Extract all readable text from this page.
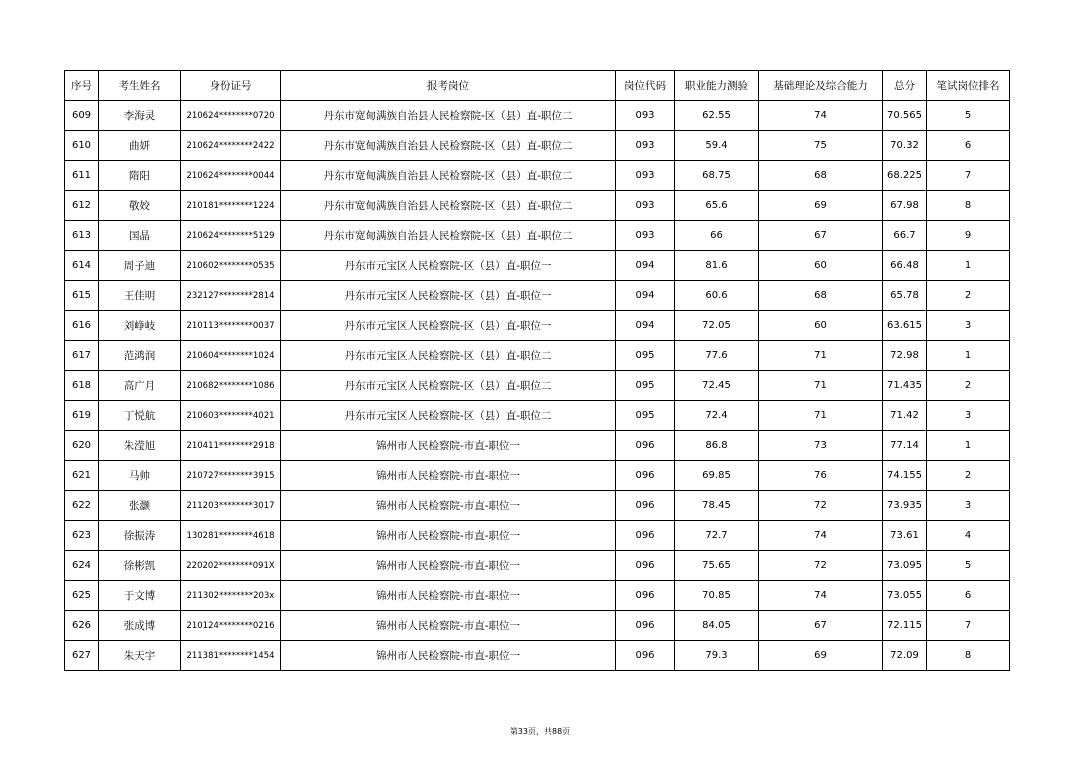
序号	考生姓名	身份证号	报考岗位	岗位代码	职业能力测验	基础理论及综合能力	总分	笔试岗位排名
609	李海灵	210624********0720	丹东市宽甸满族自治县人民检察院-区（县）直-职位二	093	62.55	74	70.565	5
610	曲妍	210624********2422	丹东市宽甸满族自治县人民检察院-区（县）直-职位二	093	59.4	75	70.32	6
611	隋阳	210624********0044	丹东市宽甸满族自治县人民检察院-区（县）直-职位二	093	68.75	68	68.225	7
612	敬姣	210181********1224	丹东市宽甸满族自治县人民检察院-区（县）直-职位二	093	65.6	69	67.98	8
613	国晶	210624********5129	丹东市宽甸满族自治县人民检察院-区（县）直-职位二	093	66	67	66.7	9
614	周子迪	210602********0535	丹东市元宝区人民检察院-区（县）直-职位一	094	81.6	60	66.48	1
615	王佳明	232127********2814	丹东市元宝区人民检察院-区（县）直-职位一	094	60.6	68	65.78	2
616	刘峥岐	210113********0037	丹东市元宝区人民检察院-区（县）直-职位一	094	72.05	60	63.615	3
617	范鸿润	210604********1024	丹东市元宝区人民检察院-区（县）直-职位二	095	77.6	71	72.98	1
618	高广月	210682********1086	丹东市元宝区人民检察院-区（县）直-职位二	095	72.45	71	71.435	2
619	丁悦航	210603********4021	丹东市元宝区人民检察院-区（县）直-职位二	095	72.4	71	71.42	3
620	朱滢旭	210411********2918	锦州市人民检察院-市直-职位一	096	86.8	73	77.14	1
621	马帅	210727********3915	锦州市人民检察院-市直-职位一	096	69.85	76	74.155	2
622	张灏	211203********3017	锦州市人民检察院-市直-职位一	096	78.45	72	73.935	3
623	徐振涛	130281********4618	锦州市人民检察院-市直-职位一	096	72.7	74	73.61	4
624	徐彬凯	220202********091X	锦州市人民检察院-市直-职位一	096	75.65	72	73.095	5
625	于文博	211302********203x	锦州市人民检察院-市直-职位一	096	70.85	74	73.055	6
626	张成博	210124********0216	锦州市人民检察院-市直-职位一	096	84.05	67	72.115	7
627	朱天宇	211381********1454	锦州市人民检察院-市直-职位一	096	79.3	69	72.09	8
第33页，共88页
